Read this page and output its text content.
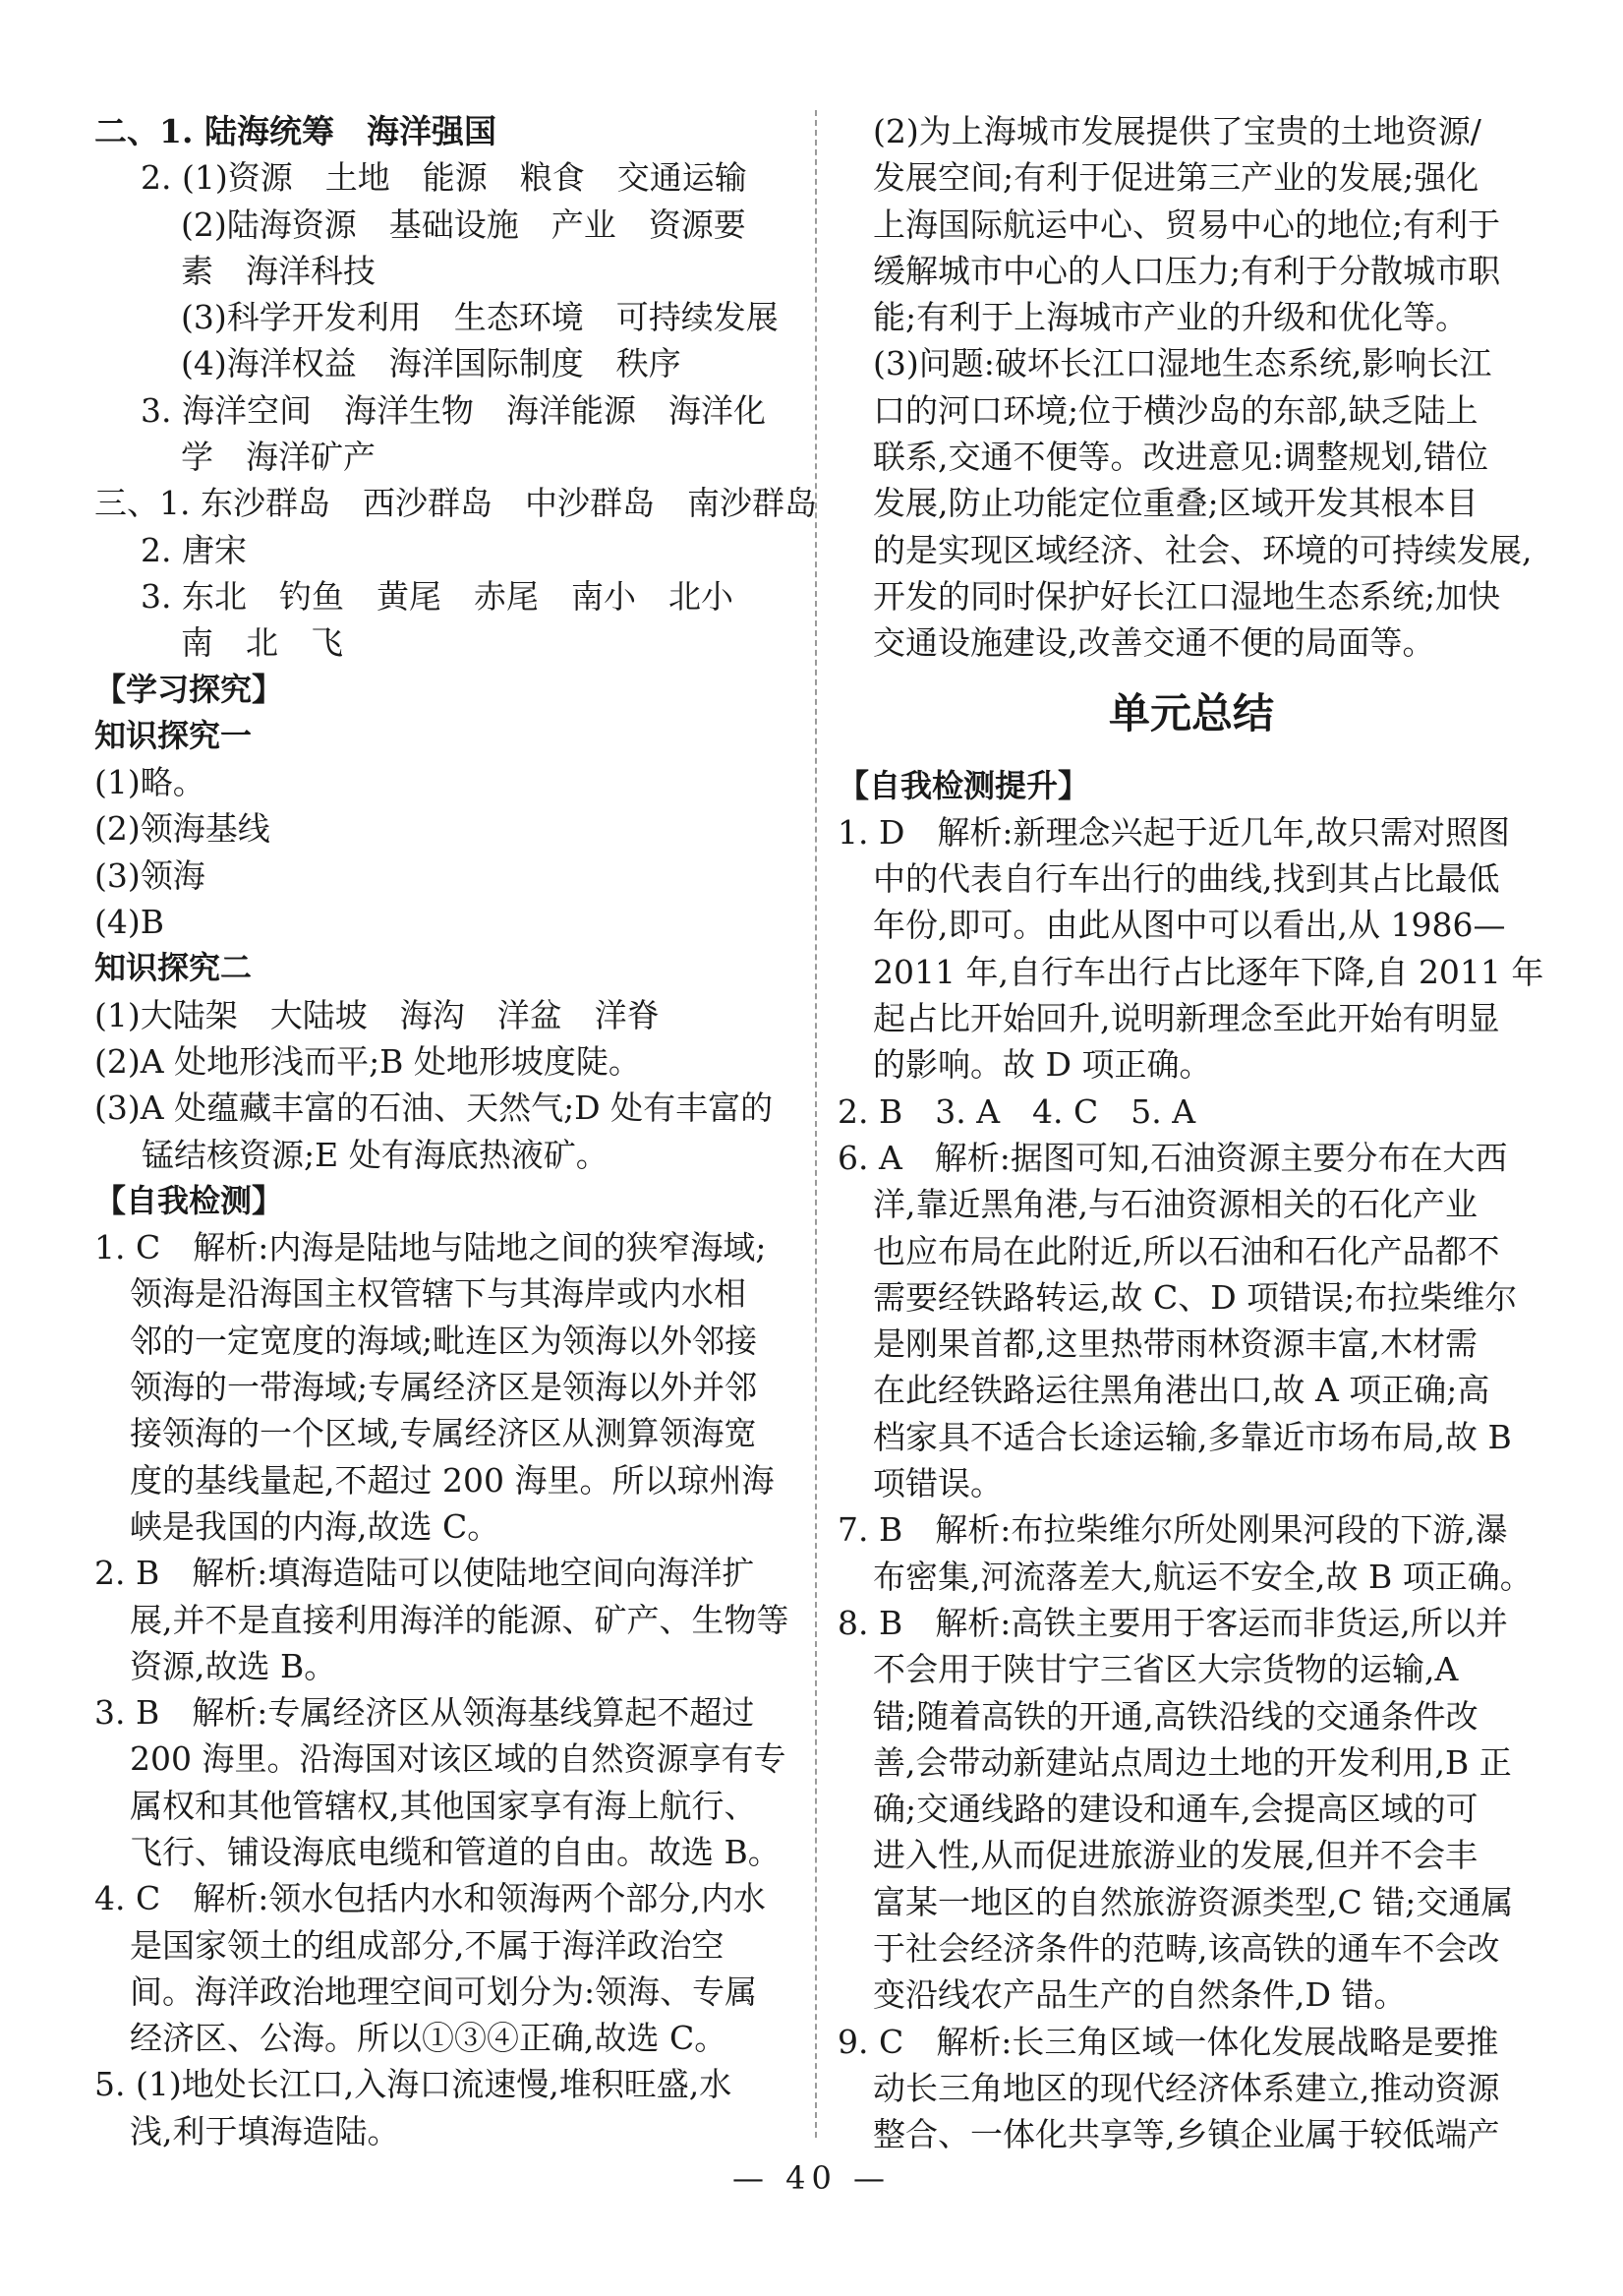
二、1. 陆海统筹　海洋强国
2. (1)资源　土地　能源　粮食　交通运输
(2)陆海资源　基础设施　产业　资源要
素　海洋科技
(3)科学开发利用　生态环境　可持续发展
(4)海洋权益　海洋国际制度　秩序
3. 海洋空间　海洋生物　海洋能源　海洋化
学　海洋矿产
三、1. 东沙群岛　西沙群岛　中沙群岛　南沙群岛
2. 唐宋
3. 东北　钓鱼　黄尾　赤尾　南小　北小
南　北　飞
【学习探究】
知识探究一
(1)略。
(2)领海基线
(3)领海
(4)B
知识探究二
(1)大陆架　大陆坡　海沟　洋盆　洋脊
(2)A 处地形浅而平;B 处地形坡度陡。
(3)A 处蕴藏丰富的石油、天然气;D 处有丰富的
锰结核资源;E 处有海底热液矿。
【自我检测】
1. C　解析:内海是陆地与陆地之间的狭窄海域;
领海是沿海国主权管辖下与其海岸或内水相
邻的一定宽度的海域;毗连区为领海以外邻接
领海的一带海域;专属经济区是领海以外并邻
接领海的一个区域,专属经济区从测算领海宽
度的基线量起,不超过 200 海里。所以琼州海
峡是我国的内海,故选 C。
2. B　解析:填海造陆可以使陆地空间向海洋扩
展,并不是直接利用海洋的能源、矿产、生物等
资源,故选 B。
3. B　解析:专属经济区从领海基线算起不超过
200 海里。沿海国对该区域的自然资源享有专
属权和其他管辖权,其他国家享有海上航行、
飞行、铺设海底电缆和管道的自由。故选 B。
4. C　解析:领水包括内水和领海两个部分,内水
是国家领土的组成部分,不属于海洋政治空
间。海洋政治地理空间可划分为:领海、专属
经济区、公海。所以①③④正确,故选 C。
5. (1)地处长江口,入海口流速慢,堆积旺盛,水
浅,利于填海造陆。
(2)为上海城市发展提供了宝贵的土地资源/
发展空间;有利于促进第三产业的发展;强化
上海国际航运中心、贸易中心的地位;有利于
缓解城市中心的人口压力;有利于分散城市职
能;有利于上海城市产业的升级和优化等。
(3)问题:破坏长江口湿地生态系统,影响长江
口的河口环境;位于横沙岛的东部,缺乏陆上
联系,交通不便等。改进意见:调整规划,错位
发展,防止功能定位重叠;区域开发其根本目
的是实现区域经济、社会、环境的可持续发展,
开发的同时保护好长江口湿地生态系统;加快
交通设施建设,改善交通不便的局面等。
单元总结
【自我检测提升】
1. D　解析:新理念兴起于近几年,故只需对照图
中的代表自行车出行的曲线,找到其占比最低
年份,即可。由此从图中可以看出,从 1986—
2011 年,自行车出行占比逐年下降,自 2011 年
起占比开始回升,说明新理念至此开始有明显
的影响。故 D 项正确。
2. B　3. A　4. C　5. A
6. A　解析:据图可知,石油资源主要分布在大西
洋,靠近黑角港,与石油资源相关的石化产业
也应布局在此附近,所以石油和石化产品都不
需要经铁路转运,故 C、D 项错误;布拉柴维尔
是刚果首都,这里热带雨林资源丰富,木材需
在此经铁路运往黑角港出口,故 A 项正确;高
档家具不适合长途运输,多靠近市场布局,故 B
项错误。
7. B　解析:布拉柴维尔所处刚果河段的下游,瀑
布密集,河流落差大,航运不安全,故 B 项正确。
8. B　解析:高铁主要用于客运而非货运,所以并
不会用于陕甘宁三省区大宗货物的运输,A
错;随着高铁的开通,高铁沿线的交通条件改
善,会带动新建站点周边土地的开发利用,B 正
确;交通线路的建设和通车,会提高区域的可
进入性,从而促进旅游业的发展,但并不会丰
富某一地区的自然旅游资源类型,C 错;交通属
于社会经济条件的范畴,该高铁的通车不会改
变沿线农产品生产的自然条件,D 错。
9. C　解析:长三角区域一体化发展战略是要推
动长三角地区的现代经济体系建立,推动资源
整合、一体化共享等,乡镇企业属于较低端产
— 40 —
